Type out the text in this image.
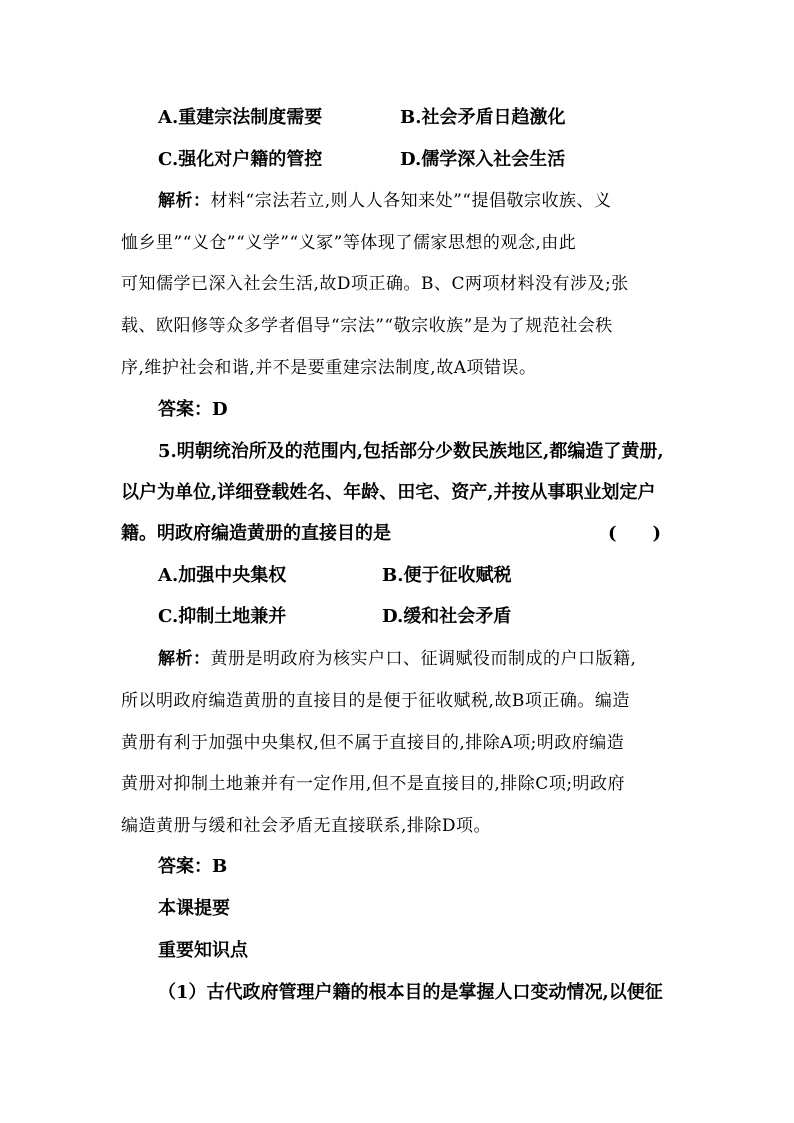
A.重建宗法制度需要	B.社会矛盾日趋激化
C.强化对户籍的管控	D.儒学深入社会生活
解析：材料“宗法若立,则人人各知来处”“提倡敬宗收族、义
恤乡里”“义仓”“义学”“义冢”等体现了儒家思想的观念,由此
可知儒学已深入社会生活,故D项正确。B、C两项材料没有涉及;张
载、欧阳修等众多学者倡导“宗法”“敬宗收族”是为了规范社会秩
序,维护社会和谐,并不是要重建宗法制度,故A项错误。
答案：D
5.明朝统治所及的范围内,包括部分少数民族地区,都编造了黄册,
以户为单位,详细登载姓名、年龄、田宅、资产,并按从事职业划定户
籍。明政府编造黄册的直接目的是	(　　)
A.加强中央集权	B.便于征收赋税
C.抑制土地兼并	D.缓和社会矛盾
解析：黄册是明政府为核实户口、征调赋役而制成的户口版籍,
所以明政府编造黄册的直接目的是便于征收赋税,故B项正确。编造
黄册有利于加强中央集权,但不属于直接目的,排除A项;明政府编造
黄册对抑制土地兼并有一定作用,但不是直接目的,排除C项;明政府
编造黄册与缓和社会矛盾无直接联系,排除D项。
答案：B
本课提要
重要知识点
（1）古代政府管理户籍的根本目的是掌握人口变动情况,以便征
